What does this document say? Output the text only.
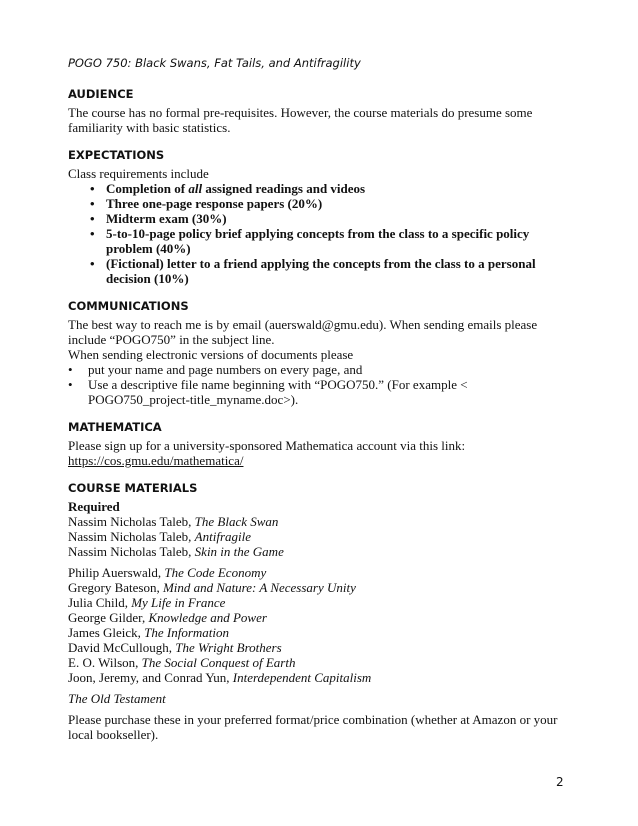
POGO 750: Black Swans, Fat Tails, and Antifragility
AUDIENCE

The course has no formal pre-requisites. However, the course materials do presume some familiarity with basic statistics.

EXPECTATIONS

Class requirements include

• Completion of all assigned readings and videos
• Three one-page response papers (20%)
• Midterm exam (30%)
• 5-to-10-page policy brief applying concepts from the class to a specific policy problem (40%)
• (Fictional) letter to a friend applying the concepts from the class to a personal decision (10%)
COMMUNICATIONS

The best way to reach me is by email (auerswald@gmu.edu). When sending emails please include “POGO750” in the subject line.

When sending electronic versions of documents please

• put your name and page numbers on every page, and
• Use a descriptive file name beginning with “POGO750.” (For example < POGO750_project-title_myname.doc>).
MATHEMATICA

Please sign up for a university-sponsored Mathematica account via this link:

https://cos.gmu.edu/mathematica/
COURSE MATERIALS
Required
Nassim Nicholas Taleb, The Black Swan
Nassim Nicholas Taleb, Antifragile
Nassim Nicholas Taleb, Skin in the Game
Philip Auerswald, The Code Economy
Gregory Bateson, Mind and Nature: A Necessary Unity
Julia Child, My Life in France
George Gilder, Knowledge and Power
James Gleick, The Information
David McCullough, The Wright Brothers
E. O. Wilson, The Social Conquest of Earth
Joon, Jeremy, and Conrad Yun, Interdependent Capitalism

The Old Testament

Please purchase these in your preferred format/price combination (whether at Amazon or your local bookseller).

2
